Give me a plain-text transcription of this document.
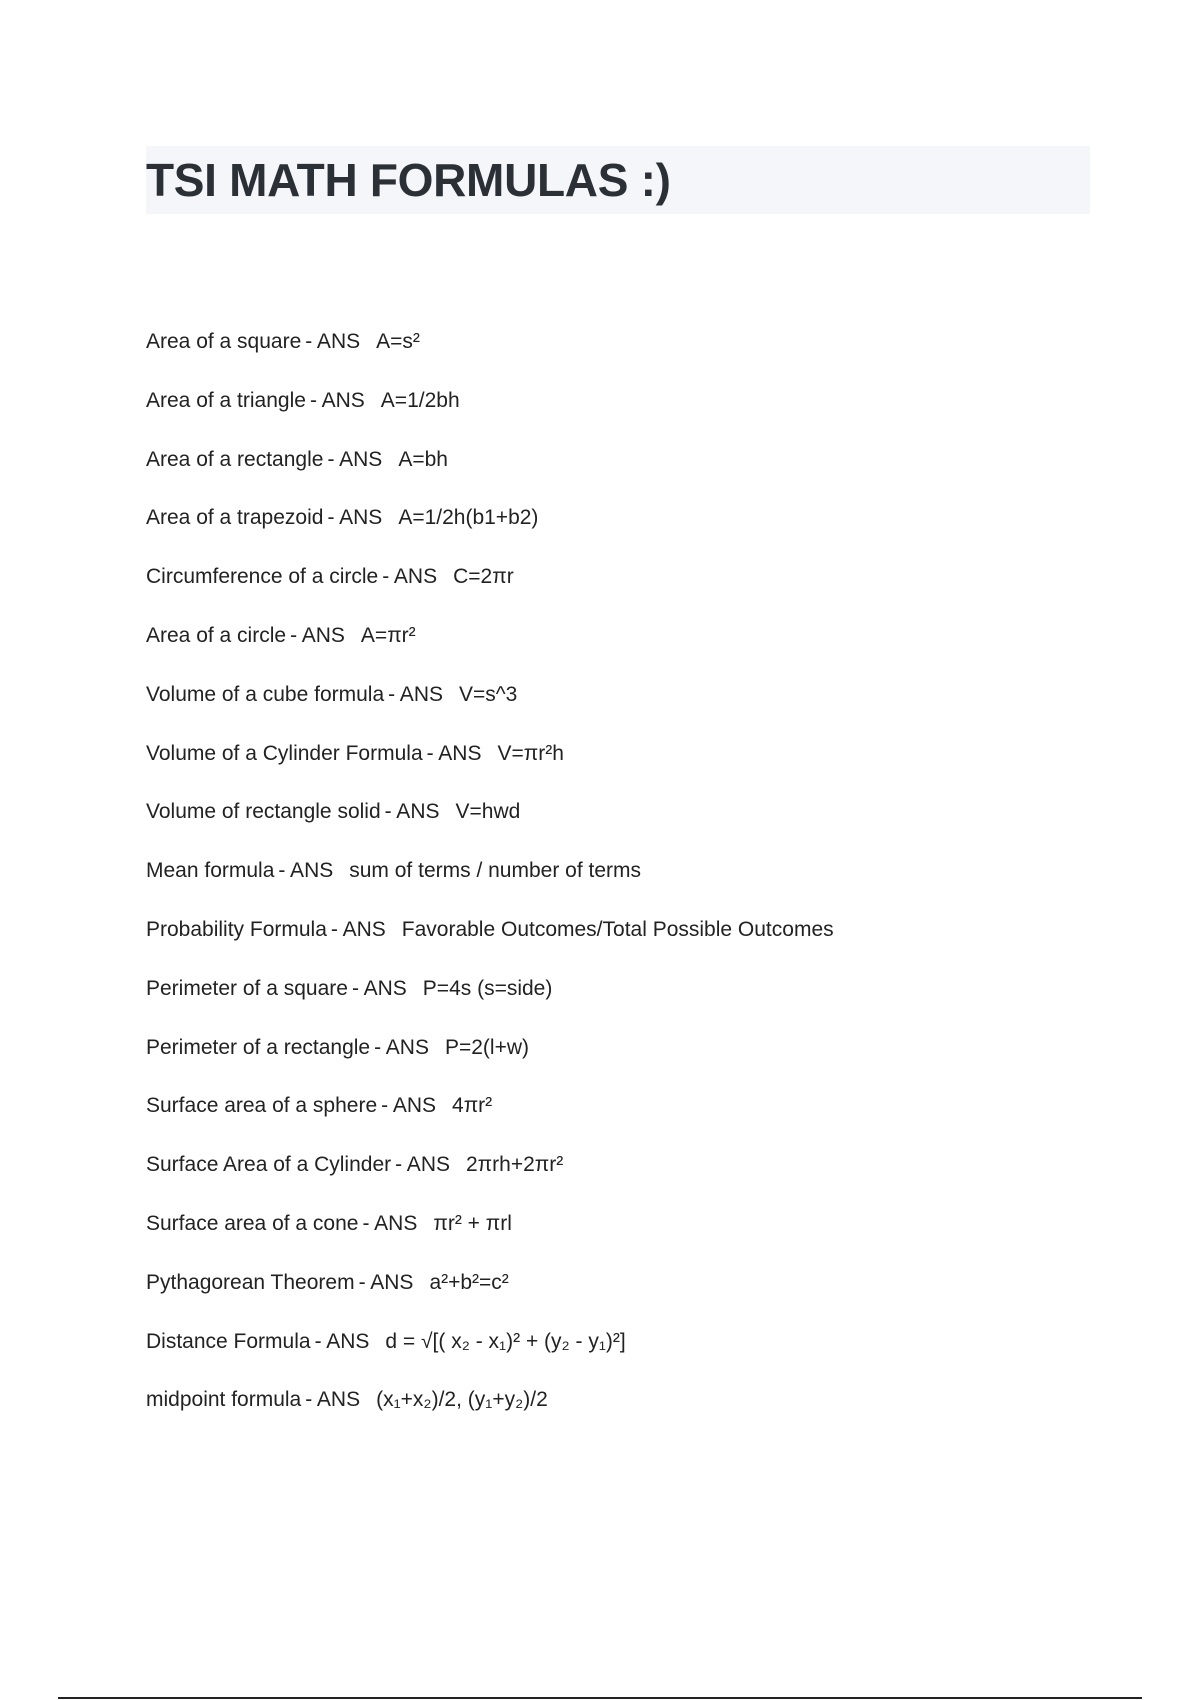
TSI MATH FORMULAS :)
Area of a square - ANS A=s²
Area of a triangle - ANS A=1/2bh
Area of a rectangle - ANS A=bh
Area of a trapezoid - ANS A=1/2h(b1+b2)
Circumference of a circle - ANS C=2πr
Area of a circle - ANS A=πr²
Volume of a cube formula - ANS V=s^3
Volume of a Cylinder Formula - ANS V=πr²h
Volume of rectangle solid - ANS V=hwd
Mean formula - ANS sum of terms / number of terms
Probability Formula - ANS Favorable Outcomes/Total Possible Outcomes
Perimeter of a square - ANS P=4s (s=side)
Perimeter of a rectangle - ANS P=2(l+w)
Surface area of a sphere - ANS 4πr²
Surface Area of a Cylinder - ANS 2πrh+2πr²
Surface area of a cone - ANS πr² + πrl
Pythagorean Theorem - ANS a²+b²=c²
Distance Formula - ANS d = √[( x₂ - x₁)² + (y₂ - y₁)²]
midpoint formula - ANS (x₁+x₂)/2, (y₁+y₂)/2
